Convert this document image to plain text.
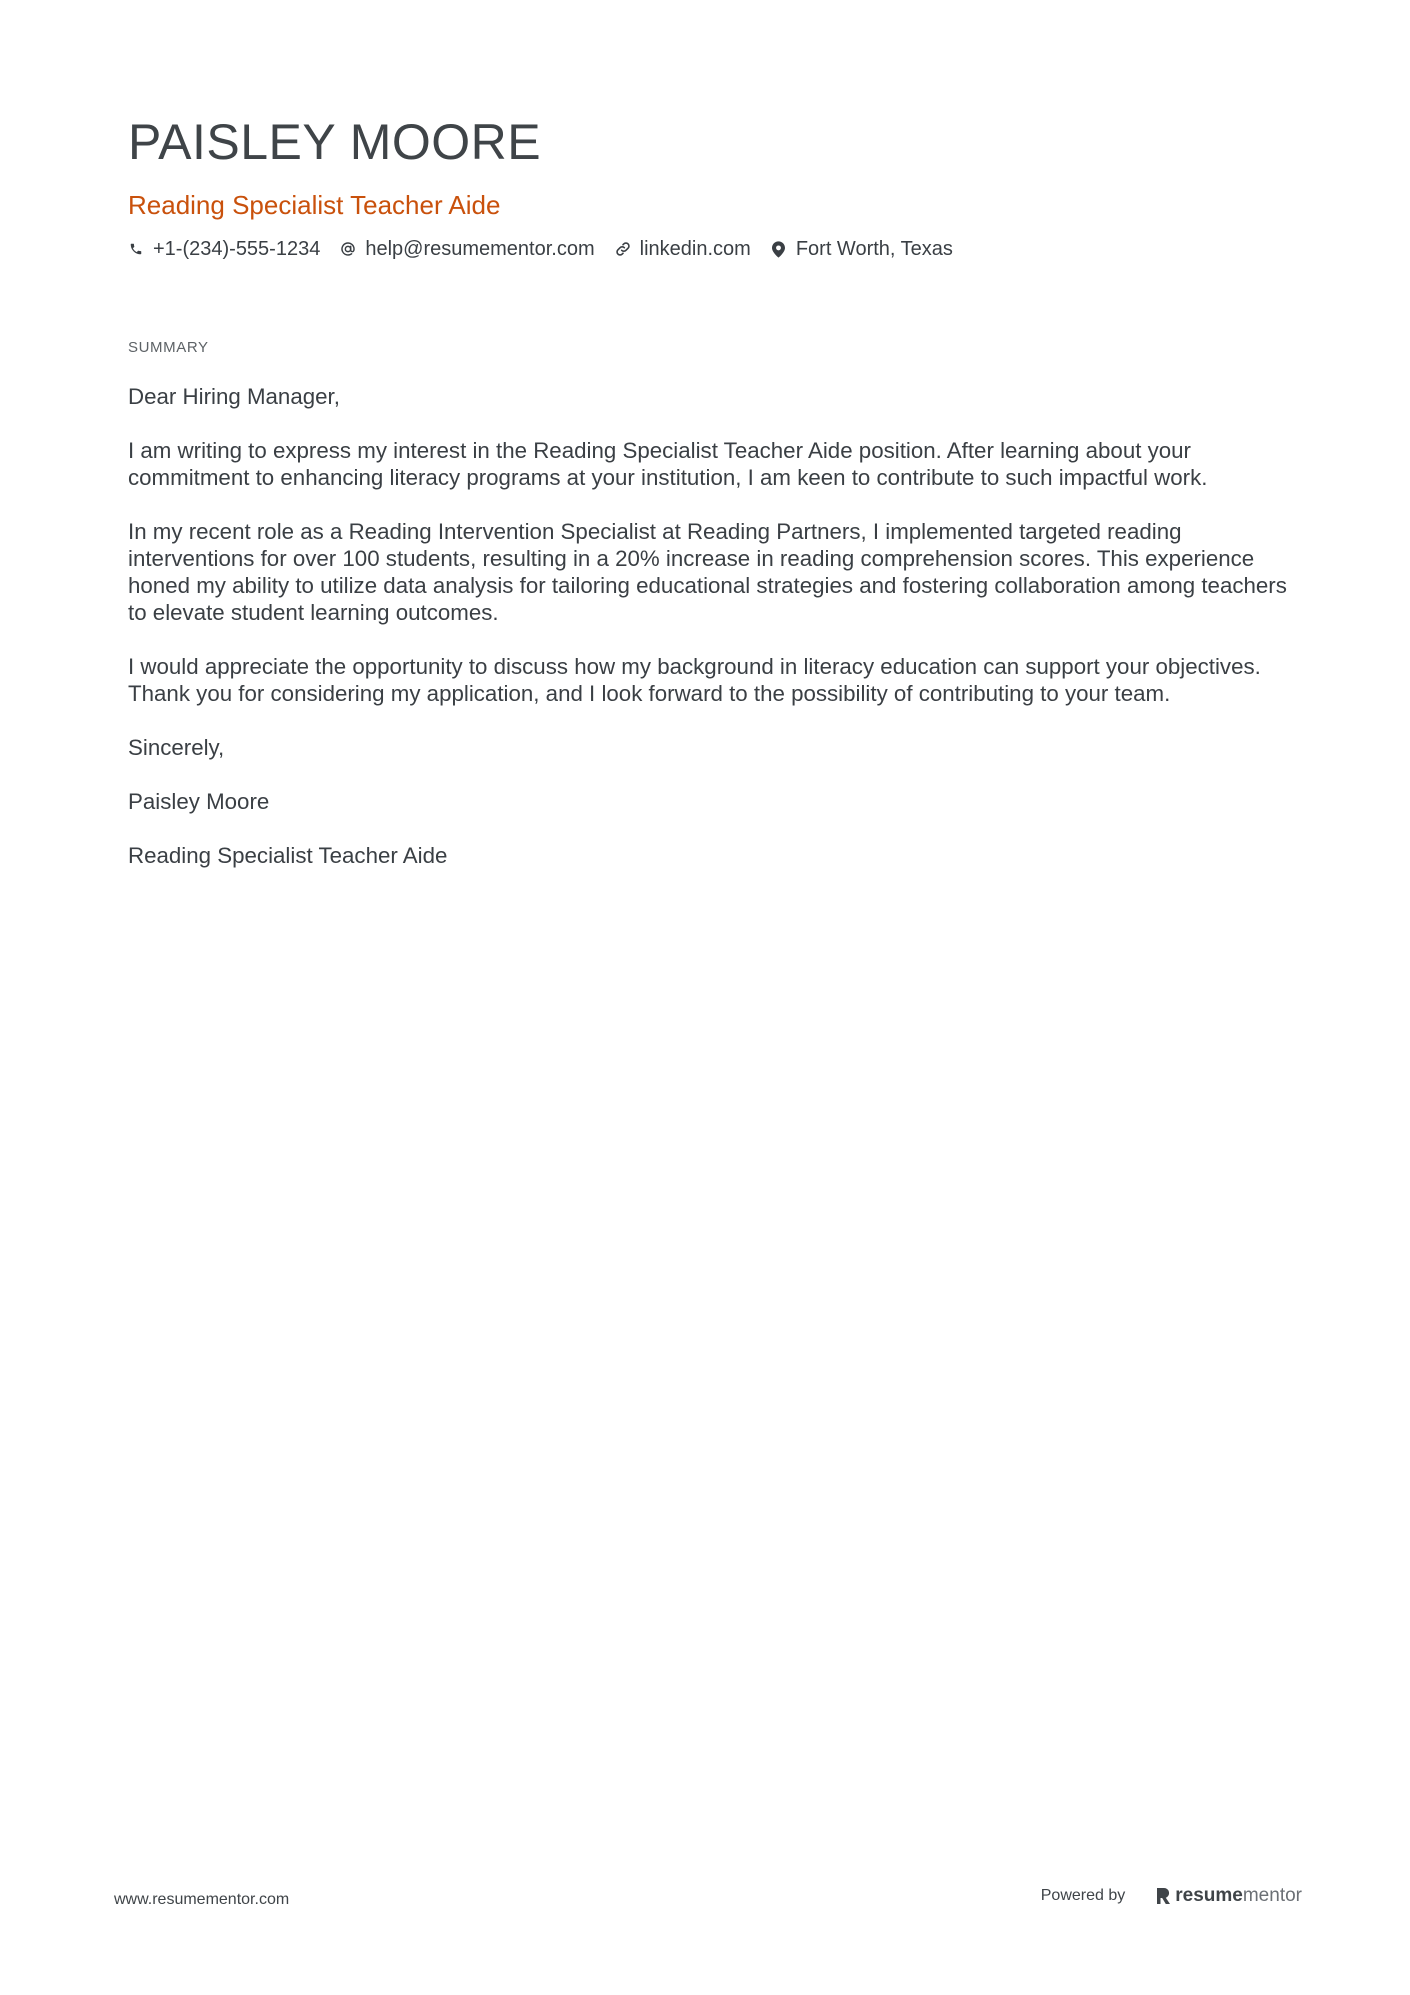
PAISLEY MOORE
Reading Specialist Teacher Aide
+1-(234)-555-1234 help@resumementor.com linkedin.com Fort Worth, Texas
SUMMARY

Dear Hiring Manager,

I am writing to express my interest in the Reading Specialist Teacher Aide position. After learning about your commitment to enhancing literacy programs at your institution, I am keen to contribute to such impactful work.

In my recent role as a Reading Intervention Specialist at Reading Partners, I implemented targeted reading interventions for over 100 students, resulting in a 20% increase in reading comprehension scores. This experience honed my ability to utilize data analysis for tailoring educational strategies and fostering collaboration among teachers to elevate student learning outcomes.

I would appreciate the opportunity to discuss how my background in literacy education can support your objectives. Thank you for considering my application, and I look forward to the possibility of contributing to your team.

Sincerely,

Paisley Moore

Reading Specialist Teacher Aide

www.resumementor.com	Powered by	resume mentor
